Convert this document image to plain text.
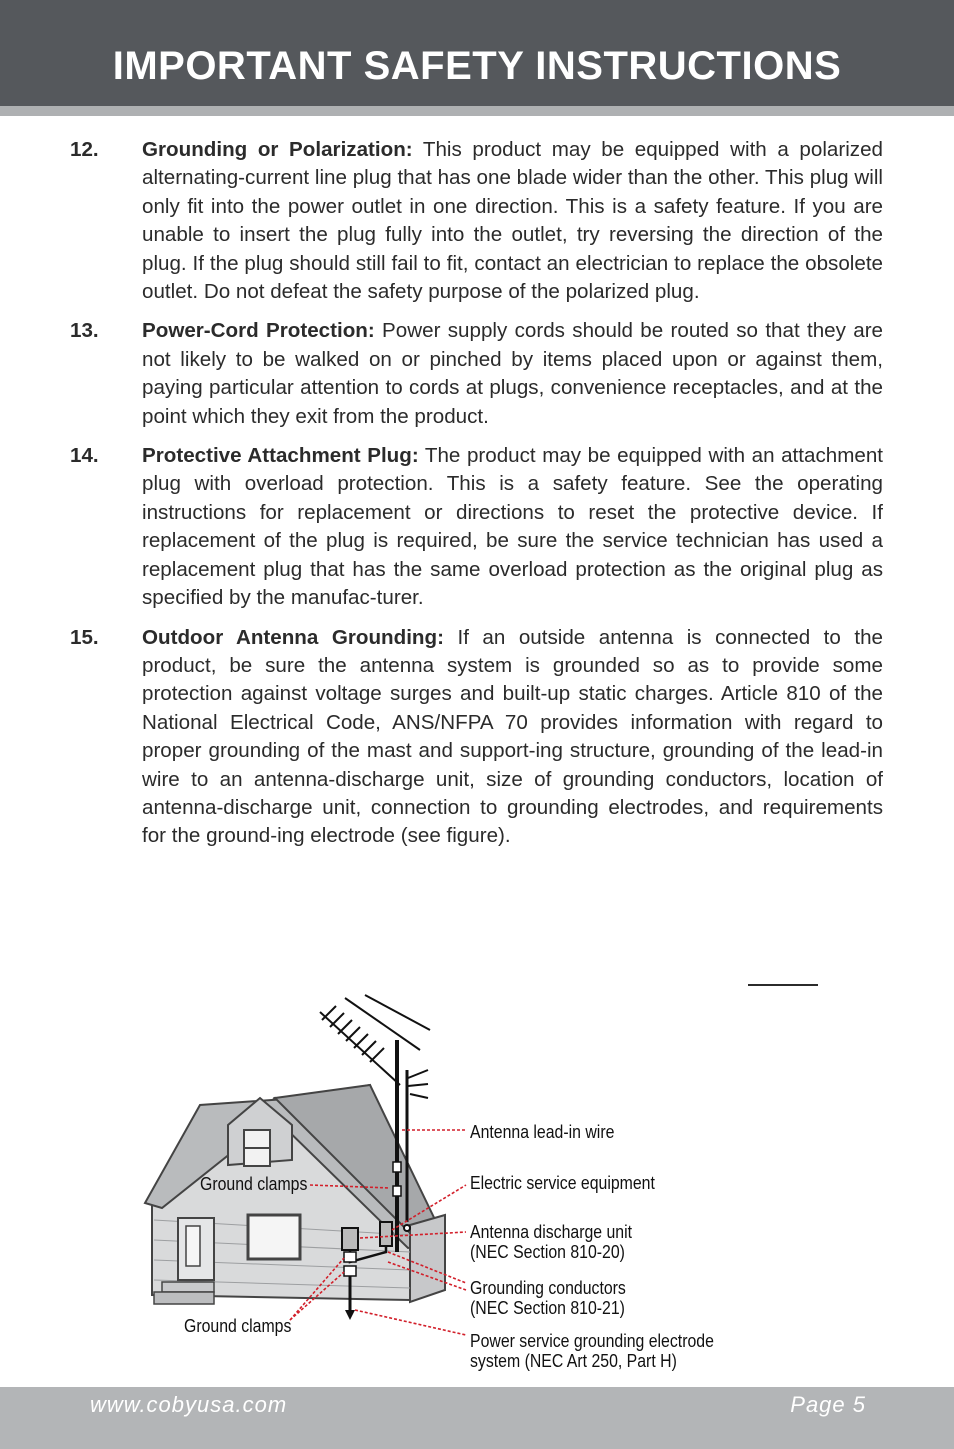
IMPORTANT SAFETY INSTRUCTIONS
12.	Grounding or Polarization: This product may be equipped with a polarized alternating-current line plug that has one blade wider than the other. This plug will only fit into the power outlet in one direction. This is a safety feature. If you are unable to insert the plug fully into the outlet, try reversing the direction of the plug. If the plug should still fail to fit, contact an electrician to replace the obsolete outlet. Do not defeat the safety purpose of the polarized plug.
13.	Power-Cord Protection: Power supply cords should be routed so that they are not likely to be walked on or pinched by items placed upon or against them, paying particular attention to cords at plugs, convenience receptacles, and at the point which they exit from the product.
14.	Protective Attachment Plug: The product may be equipped with an attachment plug with overload protection. This is a safety feature. See the operating instructions for replacement or directions to reset the protective device. If replacement of the plug is required, be sure the service technician has used a replacement plug that has the same overload protection as the original plug as specified by the manufac-turer.
15.	Outdoor Antenna Grounding: If an outside antenna is connected to the product, be sure the antenna system is grounded so as to provide some protection against voltage surges and built-up static charges. Article 810 of the National Electrical Code, ANS/NFPA 70 provides information with regard to proper grounding of the mast and support-ing structure, grounding of the lead-in wire to an antenna-discharge unit, size of grounding conductors, location of antenna-discharge unit, connection to grounding electrodes, and requirements for the ground-ing electrode (see figure).
Antenna lead-in wire
Ground clamps	Electric service equipment
Antenna discharge unit
(NEC Section 810-20)
Grounding conductors
(NEC Section 810-21)
Ground clamps
Power service grounding electrode
system (NEC Art 250, Part H)
www.cobyusa.com	Page 5
